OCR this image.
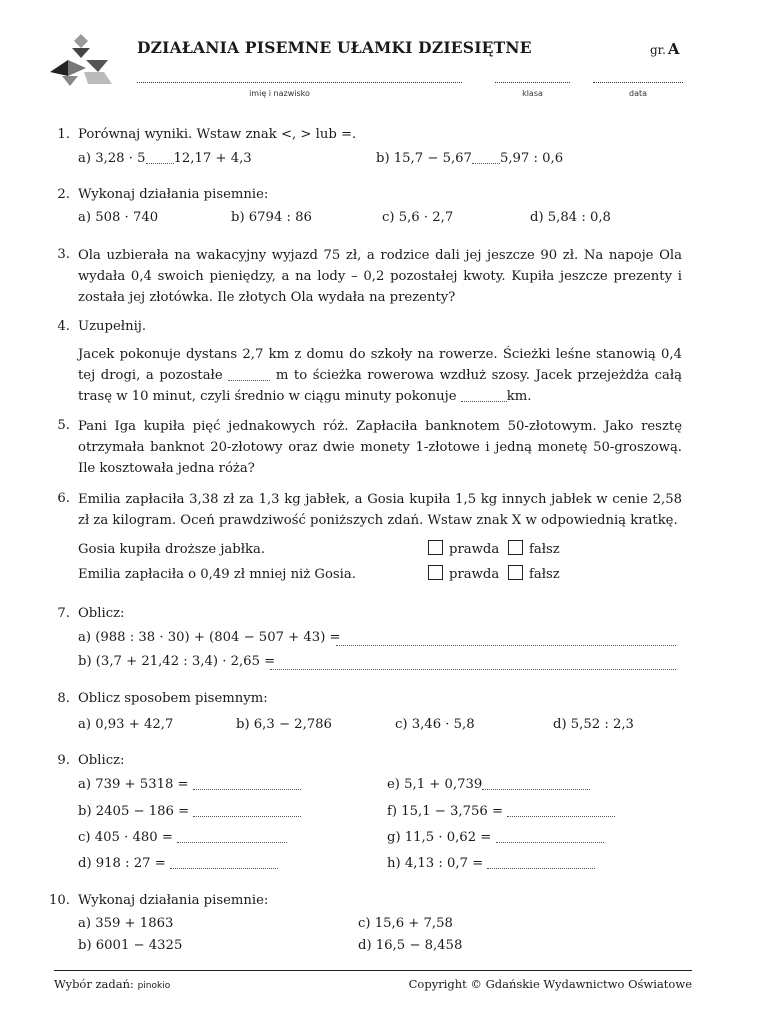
DZIAŁANIA PISEMNE UŁAMKI DZIESIĘTNE	gr. A
imię i nazwisko	klasa	data
1. Porównaj wyniki. Wstaw znak <, > lub =.
a) 3,28 · 5 12,17 + 4,3	b) 15,7 − 5,67 5,97 : 0,6
2. Wykonaj działania pisemnie:
a) 508 · 740	b) 6794 : 86	c) 5,6 · 2,7	d) 5,84 : 0,8
3. Ola uzbierała na wakacyjny wyjazd 75 zł, a rodzice dali jej jeszcze 90 zł. Na napoje Ola wydała 0,4 swoich pieniędzy, a na lody – 0,2 pozostałej kwoty. Kupiła jeszcze prezenty i została jej złotówka. Ile złotych Ola wydała na prezenty?
4. Uzupełnij.
Jacek pokonuje dystans 2,7 km z domu do szkoły na rowerze. Ścieżki leśne stanowią 0,4 tej drogi, a pozostałe	m to ścieżka rowerowa wzdłuż szosy. Jacek przejeżdża całą trasę w 10 minut, czyli średnio w ciągu minuty pokonuje	km.
5. Pani Iga kupiła pięć jednakowych róż. Zapłaciła banknotem 50-złotowym. Jako resztę otrzymała banknot 20-złotowy oraz dwie monety 1-złotowe i jedną monetę 50-groszową. Ile kosztowała jedna róża?
6. Emilia zapłaciła 3,38 zł za 1,3 kg jabłek, a Gosia kupiła 1,5 kg innych jabłek w cenie 2,58 zł za kilogram. Oceń prawdziwość poniższych zdań. Wstaw znak X w odpowiednią kratkę.
Gosia kupiła droższe jabłka.	prawda	fałsz
Emilia zapłaciła o 0,49 zł mniej niż Gosia.	prawda	fałsz
7. Oblicz:
a) (988 : 38 · 30) + (804 − 507 + 43) =
b) (3,7 + 21,42 : 3,4) · 2,65 =
8. Oblicz sposobem pisemnym:
a) 0,93 + 42,7	b) 6,3 − 2,786	c) 3,46 · 5,8	d) 5,52 : 2,3
9. Oblicz:
a) 739 + 5318 =
b) 2405 − 186 =
c) 405 · 480 =
d) 918 : 27 =
e) 5,1 + 0,739
f) 15,1 − 3,756 =
g) 11,5 · 0,62 =
h) 4,13 : 0,7 =
10. Wykonaj działania pisemnie:
a) 359 + 1863
b) 6001 − 4325
c) 15,6 + 7,58
d) 16,5 − 8,458
Wybór zadań: pinokio	Copyright © Gdańskie Wydawnictwo Oświatowe
